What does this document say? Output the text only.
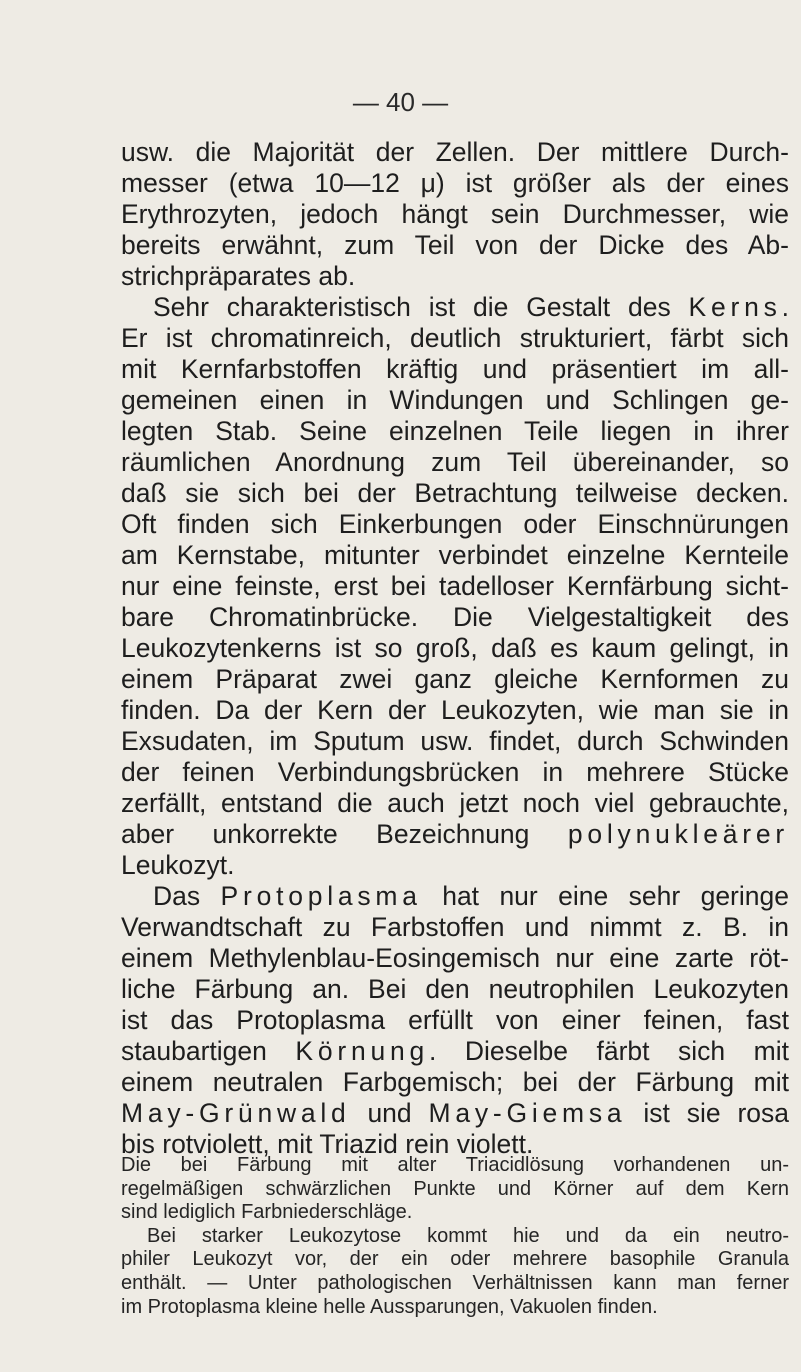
— 40 —
usw. die Majorität der Zellen. Der mittlere Durch-
messer (etwa 10—12 μ) ist größer als der eines
Erythrozyten, jedoch hängt sein Durchmesser, wie
bereits erwähnt, zum Teil von der Dicke des Ab-
strichpräparates ab.
Sehr charakteristisch ist die Gestalt des Kerns.
Er ist chromatinreich, deutlich strukturiert, färbt sich
mit Kernfarbstoffen kräftig und präsentiert im all-
gemeinen einen in Windungen und Schlingen ge-
legten Stab. Seine einzelnen Teile liegen in ihrer
räumlichen Anordnung zum Teil übereinander, so
daß sie sich bei der Betrachtung teilweise decken.
Oft finden sich Einkerbungen oder Einschnürungen
am Kernstabe, mitunter verbindet einzelne Kernteile
nur eine feinste, erst bei tadelloser Kernfärbung sicht-
bare Chromatinbrücke. Die Vielgestaltigkeit des
Leukozytenkerns ist so groß, daß es kaum gelingt, in
einem Präparat zwei ganz gleiche Kernformen zu
finden. Da der Kern der Leukozyten, wie man sie in
Exsudaten, im Sputum usw. findet, durch Schwinden
der feinen Verbindungsbrücken in mehrere Stücke
zerfällt, entstand die auch jetzt noch viel gebrauchte,
aber unkorrekte Bezeichnung polynukleärer
Leukozyt.
Das Protoplasma hat nur eine sehr geringe
Verwandtschaft zu Farbstoffen und nimmt z. B. in
einem Methylenblau-Eosingemisch nur eine zarte röt-
liche Färbung an. Bei den neutrophilen Leukozyten
ist das Protoplasma erfüllt von einer feinen, fast
staubartigen Körnung. Dieselbe färbt sich mit
einem neutralen Farbgemisch; bei der Färbung mit
May-Grünwald und May-Giemsa ist sie rosa
bis rotviolett, mit Triazid rein violett.
Die bei Färbung mit alter Triacidlösung vorhandenen un-
regelmäßigen schwärzlichen Punkte und Körner auf dem Kern
sind lediglich Farbniederschläge.
Bei starker Leukozytose kommt hie und da ein neutro-
philer Leukozyt vor, der ein oder mehrere basophile Granula
enthält. — Unter pathologischen Verhältnissen kann man ferner
im Protoplasma kleine helle Aussparungen, Vakuolen finden.
